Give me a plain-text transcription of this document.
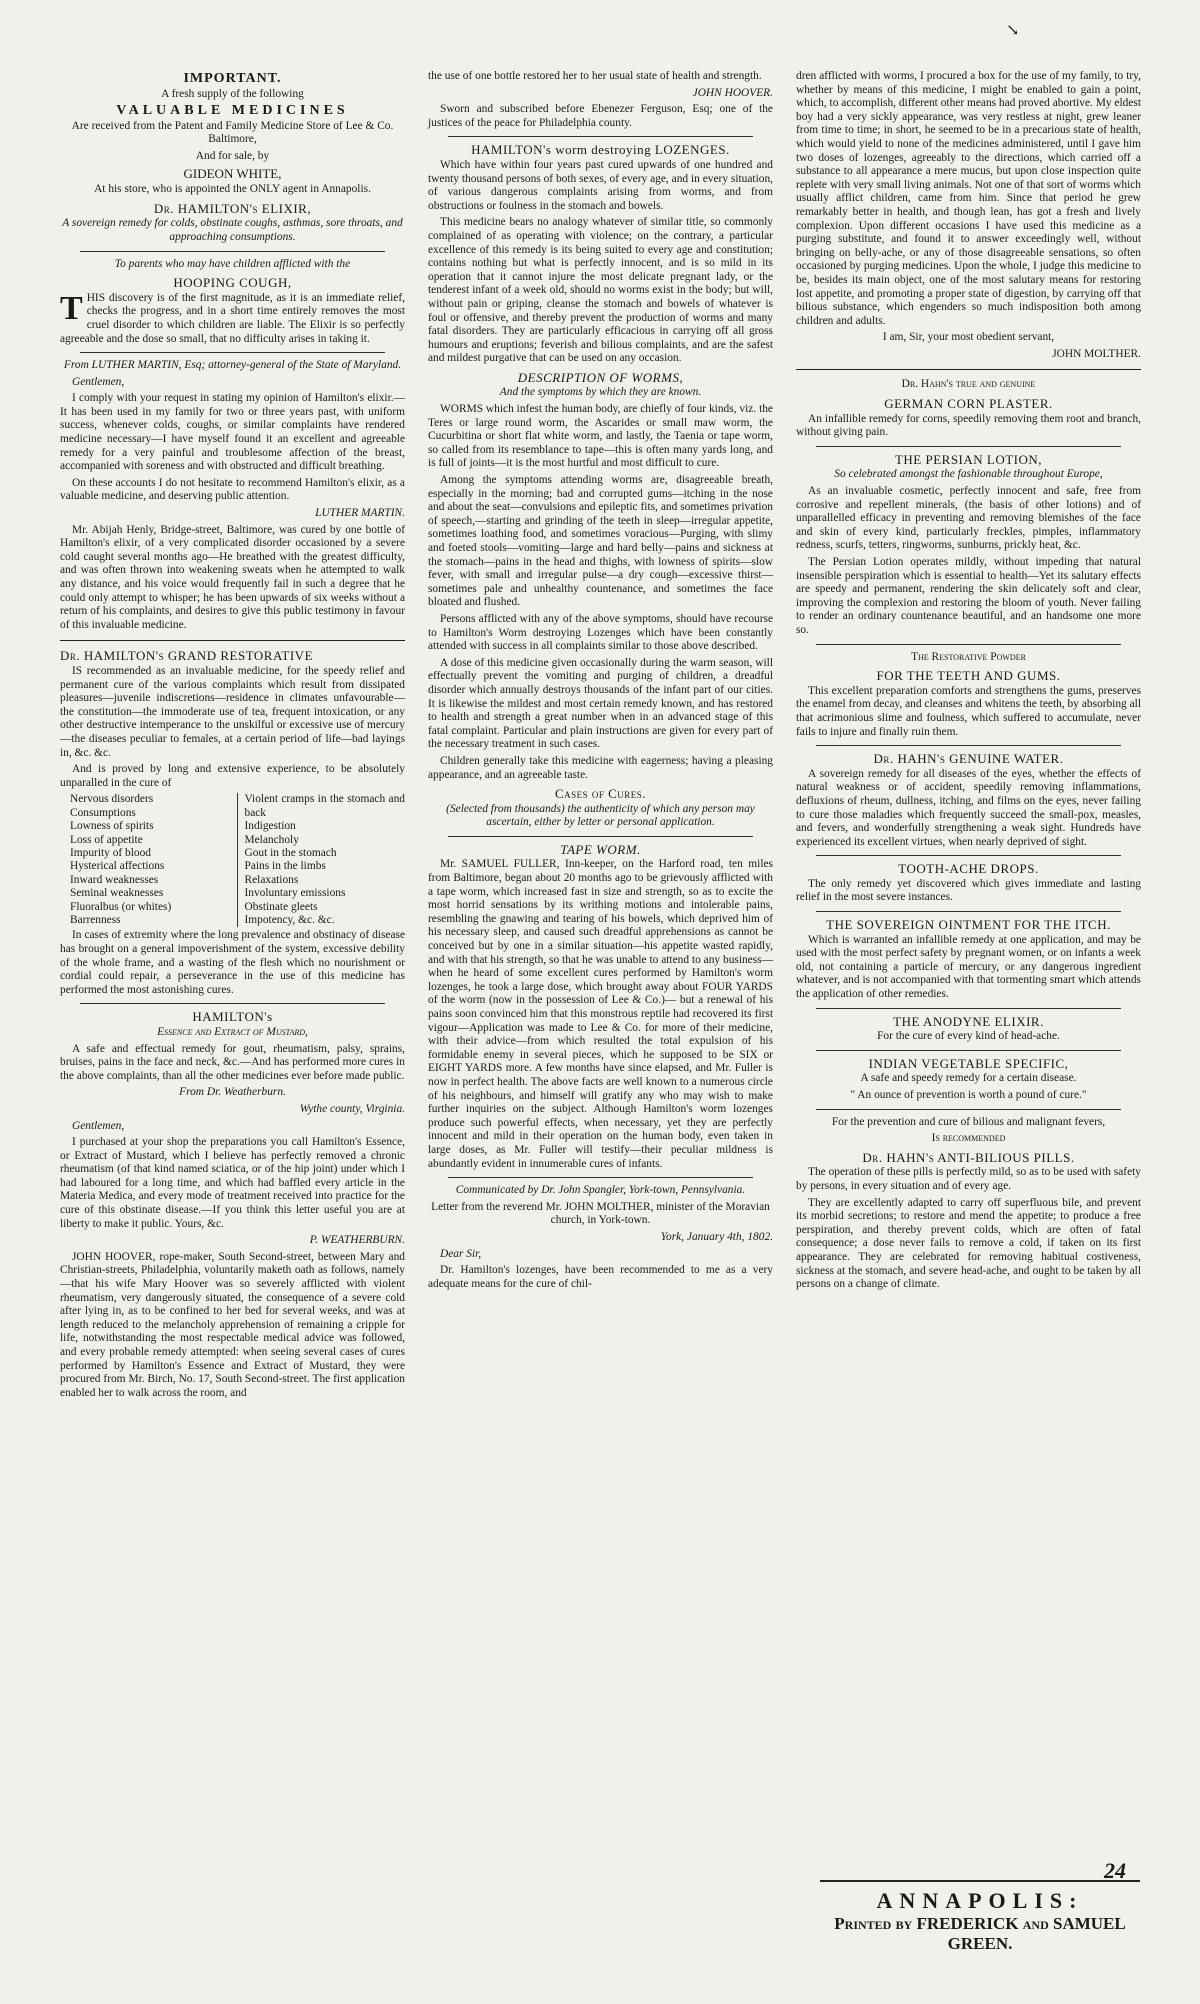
↘
IMPORTANT.

A fresh supply of the following

VALUABLE MEDICINES

Are received from the Patent and Family Medicine Store of Lee & Co. Baltimore,

And for sale, by

GIDEON WHITE,

At his store, who is appointed the ONLY agent in Annapolis.

Dr. HAMILTON's ELIXIR,

A sovereign remedy for colds, obstinate coughs, asthmas, sore throats, and approaching consumptions.

To parents who may have children afflicted with the

HOOPING COUGH,

THIS discovery is of the first magnitude, as it is an immediate relief, checks the progress, and in a short time entirely removes the most cruel disorder to which children are liable. The Elixir is so perfectly agreeable and the dose so small, that no difficulty arises in taking it.

From LUTHER MARTIN, Esq; attorney-general of the State of Maryland.

Gentlemen,

I comply with your request in stating my opinion of Hamilton's elixir.—It has been used in my family for two or three years past, with uniform success, whenever colds, coughs, or similar complaints have rendered medicine necessary—I have myself found it an excellent and agreeable remedy for a very painful and troublesome affection of the breast, accompanied with soreness and with obstructed and difficult breathing.

On these accounts I do not hesitate to recommend Hamilton's elixir, as a valuable medicine, and deserving public attention.

LUTHER MARTIN.

Mr. Abijah Henly, Bridge-street, Baltimore, was cured by one bottle of Hamilton's elixir, of a very complicated disorder occasioned by a severe cold caught several months ago—He breathed with the greatest difficulty, and was often thrown into weakening sweats when he attempted to walk any distance, and his voice would frequently fail in such a degree that he could only attempt to whisper; he has been upwards of six weeks without a return of his complaints, and desires to give this public testimony in favour of this invaluable medicine.

Dr. HAMILTON's GRAND RESTORATIVE

IS recommended as an invaluable medicine, for the speedy relief and permanent cure of the various complaints which result from dissipated pleasures—juvenile indiscretions—residence in climates unfavourable—the constitution—the immoderate use of tea, frequent intoxication, or any other destructive intemperance to the unskilful or excessive use of mercury—the diseases peculiar to females, at a certain period of life—bad layings in, &c. &c.

And is proved by long and extensive experience, to be absolutely unparalled in the cure of

Nervous disorders
Consumptions
Lowness of spirits
Loss of appetite
Impurity of blood
Hysterical affections
Inward weaknesses
Seminal weaknesses
Fluoralbus (or whites)
Barrenness
Violent cramps in the stomach and back
Indigestion
Melancholy
Gout in the stomach
Pains in the limbs
Relaxations
Involuntary emissions
Obstinate gleets
Impotency, &c. &c.

In cases of extremity where the long prevalence and obstinacy of disease has brought on a general impoverishment of the system, excessive debility of the whole frame, and a wasting of the flesh which no nourishment or cordial could repair, a perseverance in the use of this medicine has performed the most astonishing cures.

HAMILTON's

Essence and Extract of Mustard,

A safe and effectual remedy for gout, rheumatism, palsy, sprains, bruises, pains in the face and neck, &c.—And has performed more cures in the above complaints, than all the other medicines ever before made public.

From Dr. Weatherburn.

Wythe county, Virginia.

Gentlemen,

I purchased at your shop the preparations you call Hamilton's Essence, or Extract of Mustard, which I believe has perfectly removed a chronic rheumatism (of that kind named sciatica, or of the hip joint) under which I had laboured for a long time, and which had baffled every article in the Materia Medica, and every mode of treatment received into practice for the cure of this obstinate disease.—If you think this letter useful you are at liberty to make it public. Yours, &c.

P. WEATHERBURN.

JOHN HOOVER, rope-maker, South Second-street, between Mary and Christian-streets, Philadelphia, voluntarily maketh oath as follows, namely—that his wife Mary Hoover was so severely afflicted with violent rheumatism, very dangerously situated, the consequence of a severe cold after lying in, as to be confined to her bed for several weeks, and was at length reduced to the melancholy apprehension of remaining a cripple for life, notwithstanding the most respectable medical advice was followed, and every probable remedy attempted: when seeing several cases of cures performed by Hamilton's Essence and Extract of Mustard, they were procured from Mr. Birch, No. 17, South Second-street. The first application enabled her to walk across the room, and

the use of one bottle restored her to her usual state of health and strength.

JOHN HOOVER.

Sworn and subscribed before Ebenezer Ferguson, Esq; one of the justices of the peace for Philadelphia county.

HAMILTON's worm destroying LOZENGES.

Which have within four years past cured upwards of one hundred and twenty thousand persons of both sexes, of every age, and in every situation, of various dangerous complaints arising from worms, and from obstructions or foulness in the stomach and bowels.

This medicine bears no analogy whatever of similar title, so commonly complained of as operating with violence; on the contrary, a particular excellence of this remedy is its being suited to every age and constitution; contains nothing but what is perfectly innocent, and is so mild in its operation that it cannot injure the most delicate pregnant lady, or the tenderest infant of a week old, should no worms exist in the body; but will, without pain or griping, cleanse the stomach and bowels of whatever is foul or offensive, and thereby prevent the production of worms and many fatal disorders. They are particularly efficacious in carrying off all gross humours and eruptions; feverish and bilious complaints, and are the safest and mildest purgative that can be used on any occasion.

DESCRIPTION OF WORMS,

And the symptoms by which they are known.

WORMS which infest the human body, are chiefly of four kinds, viz. the Teres or large round worm, the Ascarides or small maw worm, the Cucurbitina or short flat white worm, and lastly, the Taenia or tape worm, so called from its resemblance to tape—this is often many yards long, and is full of joints—it is the most hurtful and most difficult to cure.

Among the symptoms attending worms are, disagreeable breath, especially in the morning; bad and corrupted gums—itching in the nose and about the seat—convulsions and epileptic fits, and sometimes privation of speech,—starting and grinding of the teeth in sleep—irregular appetite, sometimes loathing food, and sometimes voracious—Purging, with slimy and foeted stools—vomiting—large and hard belly—pains and sickness at the stomach—pains in the head and thighs, with lowness of spirits—slow fever, with small and irregular pulse—a dry cough—excessive thirst—sometimes pale and unhealthy countenance, and sometimes the face bloated and flushed.

Persons afflicted with any of the above symptoms, should have recourse to Hamilton's Worm destroying Lozenges which have been constantly attended with success in all complaints similar to those above described.

A dose of this medicine given occasionally during the warm season, will effectually prevent the vomiting and purging of children, a dreadful disorder which annually destroys thousands of the infant part of our cities. It is likewise the mildest and most certain remedy known, and has restored to health and strength a great number when in an advanced stage of this fatal complaint. Particular and plain instructions are given for every part of the necessary treatment in such cases.

Children generally take this medicine with eagerness; having a pleasing appearance, and an agreeable taste.

Cases of Cures.

(Selected from thousands) the authenticity of which any person may ascertain, either by letter or personal application.

TAPE WORM.

Mr. SAMUEL FULLER, Inn-keeper, on the Harford road, ten miles from Baltimore, began about 20 months ago to be grievously afflicted with a tape worm, which increased fast in size and strength, so as to excite the most horrid sensations by its writhing motions and intolerable pains, resembling the gnawing and tearing of his bowels, which deprived him of his necessary sleep, and caused such dreadful apprehensions as cannot be conceived but by one in a similar situation—his appetite wasted rapidly, and with that his strength, so that he was unable to attend to any business—when he heard of some excellent cures performed by Hamilton's worm lozenges, he took a large dose, which brought away about FOUR YARDS of the worm (now in the possession of Lee & Co.)— but a renewal of his pains soon convinced him that this monstrous reptile had recovered its first vigour—Application was made to Lee & Co. for more of their medicine, with their advice—from which resulted the total expulsion of his formidable enemy in several pieces, which he supposed to be SIX or EIGHT YARDS more. A few months have since elapsed, and Mr. Fuller is now in perfect health. The above facts are well known to a numerous circle of his neighbours, and himself will gratify any who may wish to make further inquiries on the subject. Although Hamilton's worm lozenges produce such powerful effects, when necessary, yet they are perfectly innocent and mild in their operation on the human body, even taken in large doses, as Mr. Fuller will testify—their peculiar mildness is abundantly evident in innumerable cures of infants.

Communicated by Dr. John Spangler, York-town, Pennsylvania.

Letter from the reverend Mr. JOHN MOLTHER, minister of the Moravian church, in York-town.

York, January 4th, 1802.

Dear Sir,

Dr. Hamilton's lozenges, have been recommended to me as a very adequate means for the cure of chil-

dren afflicted with worms, I procured a box for the use of my family, to try, whether by means of this medicine, I might be enabled to gain a point, which, to accomplish, different other means had proved abortive. My eldest boy had a very sickly appearance, was very restless at night, grew leaner from time to time; in short, he seemed to be in a precarious state of health, which would yield to none of the medicines administered, until I gave him two doses of lozenges, agreeably to the directions, which carried off a substance to all appearance a mere mucus, but upon close inspection quite replete with very small living animals. Not one of that sort of worms which usually afflict children, came from him. Since that period he grew remarkably better in health, and though lean, has got a fresh and lively complexion. Upon different occasions I have used this medicine as a purging substitute, and found it to answer exceedingly well, without bringing on belly-ache, or any of those disagreeable sensations, so often occasioned by purging medicines. Upon the whole, I judge this medicine to be, besides its main object, one of the most salutary means for restoring lost appetite, and promoting a proper state of digestion, by carrying off that bilious substance, which engenders so much indisposition both among children and adults.

I am, Sir, your most obedient servant,

JOHN MOLTHER.

Dr. Hahn's true and genuine

GERMAN CORN PLASTER.

An infallible remedy for corns, speedily removing them root and branch, without giving pain.

THE PERSIAN LOTION,

So celebrated amongst the fashionable throughout Europe,

As an invaluable cosmetic, perfectly innocent and safe, free from corrosive and repellent minerals, (the basis of other lotions) and of unparallelled efficacy in preventing and removing blemishes of the face and skin of every kind, particularly freckles, pimples, inflammatory redness, scurfs, tetters, ringworms, sunburns, prickly heat, &c.

The Persian Lotion operates mildly, without impeding that natural insensible perspiration which is essential to health—Yet its salutary effects are speedy and permanent, rendering the skin delicately soft and clear, improving the complexion and restoring the bloom of youth. Never failing to render an ordinary countenance beautiful, and an handsome one more so.

The Restorative Powder

FOR THE TEETH AND GUMS.

This excellent preparation comforts and strengthens the gums, preserves the enamel from decay, and cleanses and whitens the teeth, by absorbing all that acrimonious slime and foulness, which suffered to accumulate, never fails to injure and finally ruin them.

Dr. HAHN's GENUINE WATER.

A sovereign remedy for all diseases of the eyes, whether the effects of natural weakness or of accident, speedily removing inflammations, defluxions of rheum, dullness, itching, and films on the eyes, never failing to cure those maladies which frequently succeed the small-pox, measles, and fevers, and wonderfully strengthening a weak sight. Hundreds have experienced its excellent virtues, when nearly deprived of sight.

TOOTH-ACHE DROPS.

The only remedy yet discovered which gives immediate and lasting relief in the most severe instances.

THE SOVEREIGN OINTMENT FOR THE ITCH.

Which is warranted an infallible remedy at one application, and may be used with the most perfect safety by pregnant women, or on infants a week old, not containing a particle of mercury, or any dangerous ingredient whatever, and is not accompanied with that tormenting smart which attends the application of other remedies.

THE ANODYNE ELIXIR.

For the cure of every kind of head-ache.

INDIAN VEGETABLE SPECIFIC,

A safe and speedy remedy for a certain disease.

" An ounce of prevention is worth a pound of cure."

For the prevention and cure of bilious and malignant fevers,

Is recommended

Dr. HAHN's ANTI-BILIOUS PILLS.

The operation of these pills is perfectly mild, so as to be used with safety by persons, in every situation and of every age.

They are excellently adapted to carry off superfluous bile, and prevent its morbid secretions; to restore and mend the appetite; to produce a free perspiration, and thereby prevent colds, which are often of fatal consequence; a dose never fails to remove a cold, if taken on its first appearance. They are celebrated for removing habitual costiveness, sickness at the stomach, and severe head-ache, and ought to be taken by all persons on a change of climate.

24
ANNAPOLIS:
Printed by FREDERICK and SAMUEL
GREEN.
